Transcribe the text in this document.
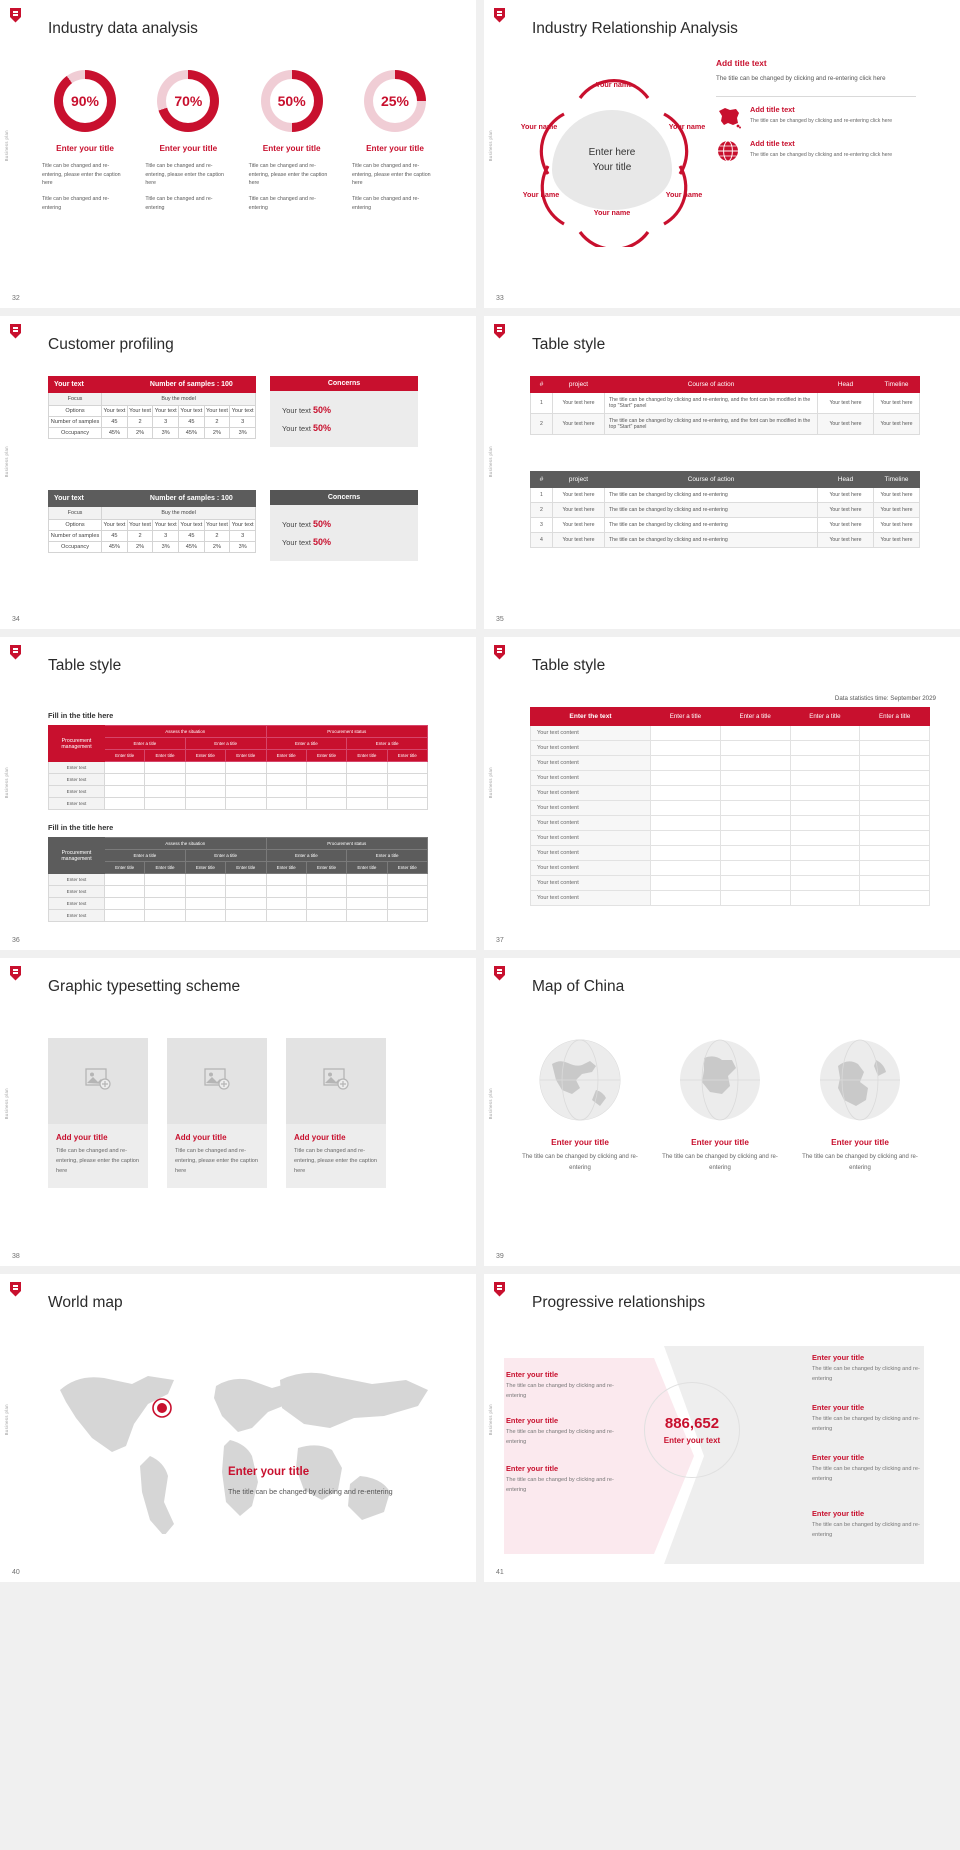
Business plan
Industry data analysis
90%
Enter your title

Title can be changed and re-entering, please enter the caption here

Title can be changed and re-entering

70%
Enter your title

Title can be changed and re-entering, please enter the caption here

Title can be changed and re-entering

50%
Enter your title

Title can be changed and re-entering, please enter the caption here

Title can be changed and re-entering

25%
Enter your title

Title can be changed and re-entering, please enter the caption here

Title can be changed and re-entering

32
Business plan
Industry Relationship Analysis
Enter here
Your title
Your name
Your name
Your name
Your name
Your name
Your name
Add title text
The title can be changed by clicking and re-entering click here
Add title text
The title can be changed by clicking and re-entering click here
Add title text
The title can be changed by clicking and re-entering click here
33
Business plan
Customer profiling
Your text		Number of samples : 100				
Focus	Buy the model					
Options	Your text	Your text	Your text	Your text	Your text	Your text
Number of samples	45	2	3	45	2	3
Occupancy	45%	2%	3%	45%	2%	3%
Concerns
Your text 50%
Your text 50%
Your text		Number of samples : 100				
Focus	Buy the model					
Options	Your text	Your text	Your text	Your text	Your text	Your text
Number of samples	45	2	3	45	2	3
Occupancy	45%	2%	3%	45%	2%	3%
Concerns
Your text 50%
Your text 50%
34
Business plan
Table style
#	project	Course of action	Head	Timeline
1	Your text here	The title can be changed by clicking and re-entering, and the font can be modified in the top "Start" panel	Your text here	Your text here
2	Your text here	The title can be changed by clicking and re-entering, and the font can be modified in the top "Start" panel	Your text here	Your text here
#	project	Course of action	Head	Timeline
1	Your text here	The title can be changed by clicking and re-entering	Your text here	Your text here
2	Your text here	The title can be changed by clicking and re-entering	Your text here	Your text here
3	Your text here	The title can be changed by clicking and re-entering	Your text here	Your text here
4	Your text here	The title can be changed by clicking and re-entering	Your text here	Your text here
35
Business plan
Table style
Fill in the title here
Procurement management	Assess the situation				Procurement status			
	Enter a title		Enter a title		Enter a title		Enter a title	
	Enter title	Enter title	Enter title	Enter title	Enter title	Enter title	Enter title	Enter title
Enter text								
Enter text								
Enter text								
Enter text								
Fill in the title here
Procurement management	Assess the situation				Procurement status			
	Enter a title		Enter a title		Enter a title		Enter a title	
	Enter title	Enter title	Enter title	Enter title	Enter title	Enter title	Enter title	Enter title
Enter text								
Enter text								
Enter text								
Enter text								
36
Business plan
Table style
Data statistics time: September 2029
Enter the text	Enter a title	Enter a title	Enter a title	Enter a title
Your text content				
Your text content				
Your text content				
Your text content				
Your text content				
Your text content				
Your text content				
Your text content				
Your text content				
Your text content				
Your text content				
Your text content				
37
Business plan
Graphic typesetting scheme
Add your title
Title can be changed and re-entering, please enter the caption here
Add your title
Title can be changed and re-entering, please enter the caption here
Add your title
Title can be changed and re-entering, please enter the caption here
38
Business plan
Map of China
Enter your title
The title can be changed by clicking and re-entering
Enter your title
The title can be changed by clicking and re-entering
Enter your title
The title can be changed by clicking and re-entering
39
Business plan
World map
Enter your title
The title can be changed by clicking and re-entering
40
Business plan
Progressive relationships
Enter your title
The title can be changed by clicking and re-entering
Enter your title
The title can be changed by clicking and re-entering
Enter your title
The title can be changed by clicking and re-entering
886,652
Enter your text
Enter your title
The title can be changed by clicking and re-entering
Enter your title
The title can be changed by clicking and re-entering
Enter your title
The title can be changed by clicking and re-entering
Enter your title
The title can be changed by clicking and re-entering
41
